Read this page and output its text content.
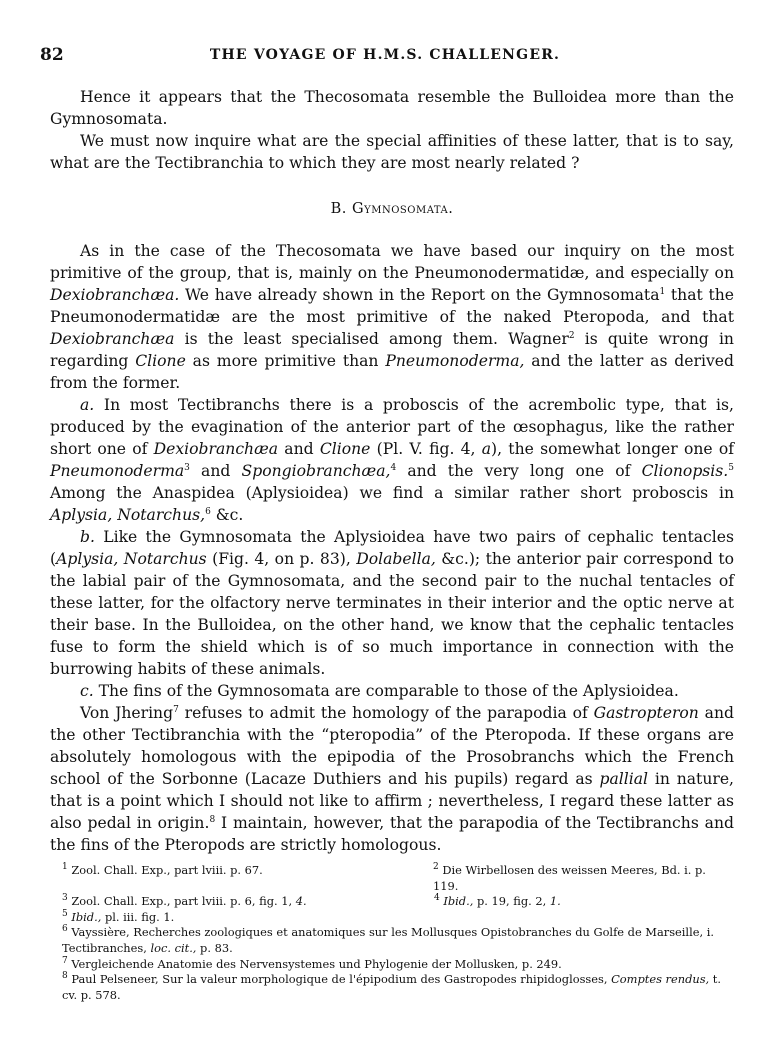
82	THE VOYAGE OF H.M.S. CHALLENGER.

Hence it appears that the Thecosomata resemble the Bulloidea more than the Gymnosomata.

We must now inquire what are the special affinities of these latter, that is to say, what are the Tectibranchia to which they are most nearly related ?

B. Gymnosomata.

As in the case of the Thecosomata we have based our inquiry on the most primitive of the group, that is, mainly on the Pneumonodermatidæ, and especially on Dexiobranchæa. We have already shown in the Report on the Gymnosomata$^1$ that the Pneumonodermatidæ are the most primitive of the naked Pteropoda, and that Dexiobranchæa is the least specialised among them. Wagner$^2$ is quite wrong in regarding Clione as more primitive than Pneumonoderma, and the latter as derived from the former.

a. In most Tectibranchs there is a proboscis of the acrembolic type, that is, produced by the evagination of the anterior part of the œsophagus, like the rather short one of Dexiobranchæa and Clione (Pl. V. fig. 4, a), the somewhat longer one of Pneumonoderma$^3$ and Spongiobranchæa,$^4$ and the very long one of Clionopsis.$^5$ Among the Anaspidea (Aplysioidea) we find a similar rather short proboscis in Aplysia, Notarchus,$^6$ &c.

b. Like the Gymnosomata the Aplysioidea have two pairs of cephalic tentacles (Aplysia, Notarchus (Fig. 4, on p. 83), Dolabella, &c.); the anterior pair correspond to the labial pair of the Gymnosomata, and the second pair to the nuchal tentacles of these latter, for the olfactory nerve terminates in their interior and the optic nerve at their base. In the Bulloidea, on the other hand, we know that the cephalic tentacles fuse to form the shield which is of so much importance in connection with the burrowing habits of these animals.

c. The fins of the Gymnosomata are comparable to those of the Aplysioidea.

Von Jhering$^7$ refuses to admit the homology of the parapodia of Gastropteron and the other Tectibranchia with the “pteropodia” of the Pteropoda. If these organs are absolutely homologous with the epipodia of the Prosobranchs which the French school of the Sorbonne (Lacaze Duthiers and his pupils) regard as pallial in nature, that is a point which I should not like to affirm ; nevertheless, I regard these latter as also pedal in origin.$^8$ I maintain, however, that the parapodia of the Tectibranchs and the fins of the Pteropods are strictly homologous.

$^1$ Zool. Chall. Exp., part lviii. p. 67.	$^2$ Die Wirbellosen des weissen Meeres, Bd. i. p. 119.
$^3$ Zool. Chall. Exp., part lviii. p. 6, fig. 1, 4.	$^4$ Ibid., p. 19, fig. 2, 1.
$^5$ Ibid., pl. iii. fig. 1.
$^6$ Vayssière, Recherches zoologiques et anatomiques sur les Mollusques Opistobranches du Golfe de Marseille, i. Tectibranches, loc. cit., p. 83.
$^7$ Vergleichende Anatomie des Nervensystemes und Phylogenie der Mollusken, p. 249.
$^8$ Paul Pelseneer, Sur la valeur morphologique de l'épipodium des Gastropodes rhipidoglosses, Comptes rendus, t. cv. p. 578.
